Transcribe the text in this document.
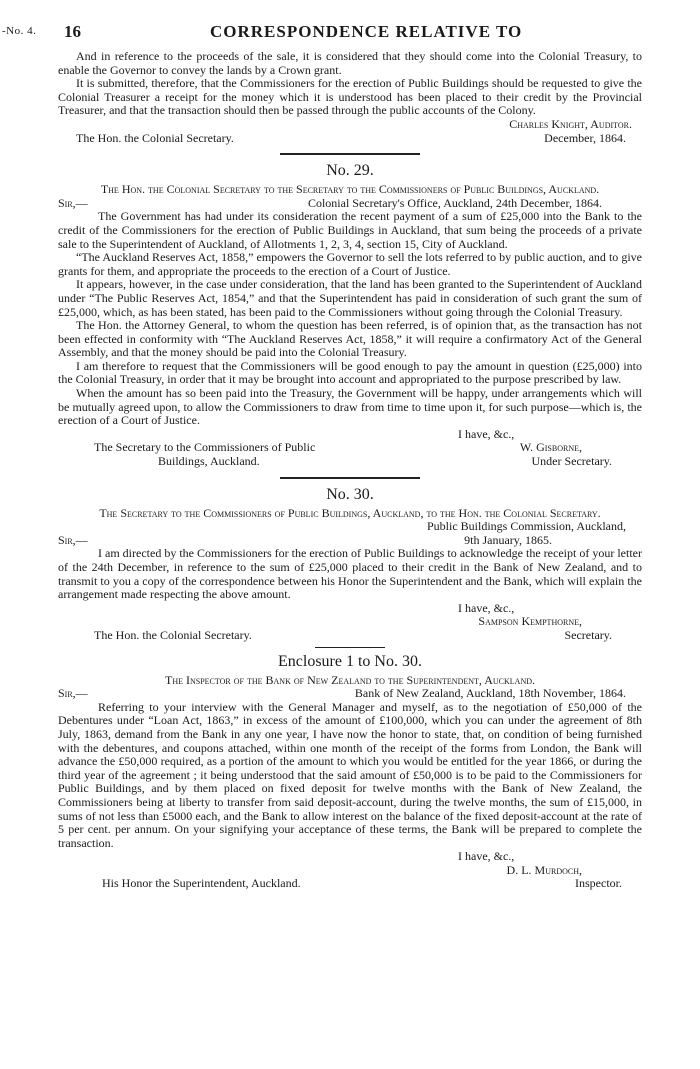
-No. 4. 16	CORRESPONDENCE RELATIVE TO

And in reference to the proceeds of the sale, it is considered that they should come into the Colonial Treasury, to enable the Governor to convey the lands by a Crown grant.

It is submitted, therefore, that the Commissioners for the erection of Public Buildings should be requested to give the Colonial Treasurer a receipt for the money which it is understood has been placed to their credit by the Provincial Treasurer, and that the transaction should then be passed through the public accounts of the Colony.

Charles Knight, Auditor.

The Hon. the Colonial Secretary.	December, 1864.
No. 29.

The Hon. the Colonial Secretary to the Secretary to the Commissioners of Public Buildings, Auckland.

Sir,—	Colonial Secretary's Office, Auckland, 24th December, 1864.

The Government has had under its consideration the recent payment of a sum of £25,000 into the Bank to the credit of the Commissioners for the erection of Public Buildings in Auckland, that sum being the proceeds of a private sale to the Superintendent of Auckland, of Allotments 1, 2, 3, 4, section 15, City of Auckland.

“The Auckland Reserves Act, 1858,” empowers the Governor to sell the lots referred to by public auction, and to give grants for them, and appropriate the proceeds to the erection of a Court of Justice.

It appears, however, in the case under consideration, that the land has been granted to the Superintendent of Auckland under “The Public Reserves Act, 1854,” and that the Superintendent has paid in consideration of such grant the sum of £25,000, which, as has been stated, has been paid to the Commissioners without going through the Colonial Treasury.

The Hon. the Attorney General, to whom the question has been referred, is of opinion that, as the transaction has not been effected in conformity with “The Auckland Reserves Act, 1858,” it will require a confirmatory Act of the General Assembly, and that the money should be paid into the Colonial Treasury.

I am therefore to request that the Commissioners will be good enough to pay the amount in question (£25,000) into the Colonial Treasury, in order that it may be brought into account and appropriated to the purpose prescribed by law.

When the amount has so been paid into the Treasury, the Government will be happy, under arrangements which will be mutually agreed upon, to allow the Commissioners to draw from time to time upon it, for such purpose—which is, the erection of a Court of Justice.

I have, &c.,

The Secretary to the Commissioners of Public	W. Gisborne,
Buildings, Auckland.	Under Secretary.
No. 30.

The Secretary to the Commissioners of Public Buildings, Auckland, to the Hon. the Colonial Secretary.

Public Buildings Commission, Auckland,

Sir,—	9th January, 1865.

I am directed by the Commissioners for the erection of Public Buildings to acknowledge the receipt of your letter of the 24th December, in reference to the sum of £25,000 placed to their credit in the Bank of New Zealand, and to transmit to you a copy of the correspondence between his Honor the Superintendent and the Bank, which will explain the arrangement made respecting the above amount.

I have, &c.,

Sampson Kempthorne,

The Hon. the Colonial Secretary.	Secretary.
Enclosure 1 to No. 30.

The Inspector of the Bank of New Zealand to the Superintendent, Auckland.

Sir,—	Bank of New Zealand, Auckland, 18th November, 1864.

Referring to your interview with the General Manager and myself, as to the negotiation of £50,000 of the Debentures under “Loan Act, 1863,” in excess of the amount of £100,000, which you can under the agreement of 8th July, 1863, demand from the Bank in any one year, I have now the honor to state, that, on condition of being furnished with the debentures, and coupons attached, within one month of the receipt of the forms from London, the Bank will advance the £50,000 required, as a portion of the amount to which you would be entitled for the year 1866, or during the third year of the agreement ; it being understood that the said amount of £50,000 is to be paid to the Commissioners for Public Buildings, and by them placed on fixed deposit for twelve months with the Bank of New Zealand, the Commissioners being at liberty to transfer from said deposit-account, during the twelve months, the sum of £15,000, in sums of not less than £5000 each, and the Bank to allow interest on the balance of the fixed deposit-account at the rate of 5 per cent. per annum. On your signifying your acceptance of these terms, the Bank will be prepared to complete the transaction.

I have, &c.,

D. L. Murdoch,

His Honor the Superintendent, Auckland.	Inspector.
